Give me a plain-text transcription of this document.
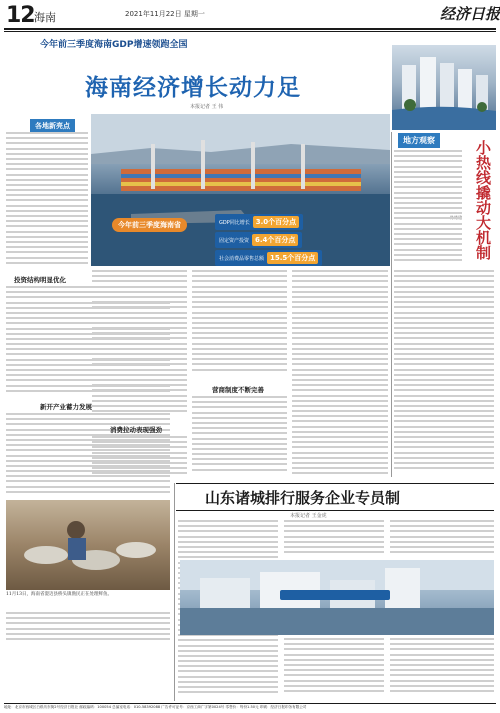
12 海南	2021年11月22日 星期一	经济日报
今年前三季度海南GDP增速领跑全国
海南经济增长动力足
本报记者 王 伟
地方观察	小热线撬动大机制
各地新亮点
投资结构明显优化
新开产业蓄力发展
今年前三季度海南省	GDP同比增长 3.0个百分点
固定资产投资 6.4个百分点
社会消费品零售总额 15.5个百分点
营商制度不断完善
消费拉动表现强劲
11月13日，海南省澄迈县桥头镇渔民正在处理鲜鱼。
山东诸城排行服务企业专员制
本报记者 王金虎
地址：北京市西城区白纸坊东街2号经济日报社 邮政编码：100054 总编室电话：010-58392088 广告许可证号：京西工商广字第0024号 零售价：每份1.50元 印刷：经济日报印务有限公司
